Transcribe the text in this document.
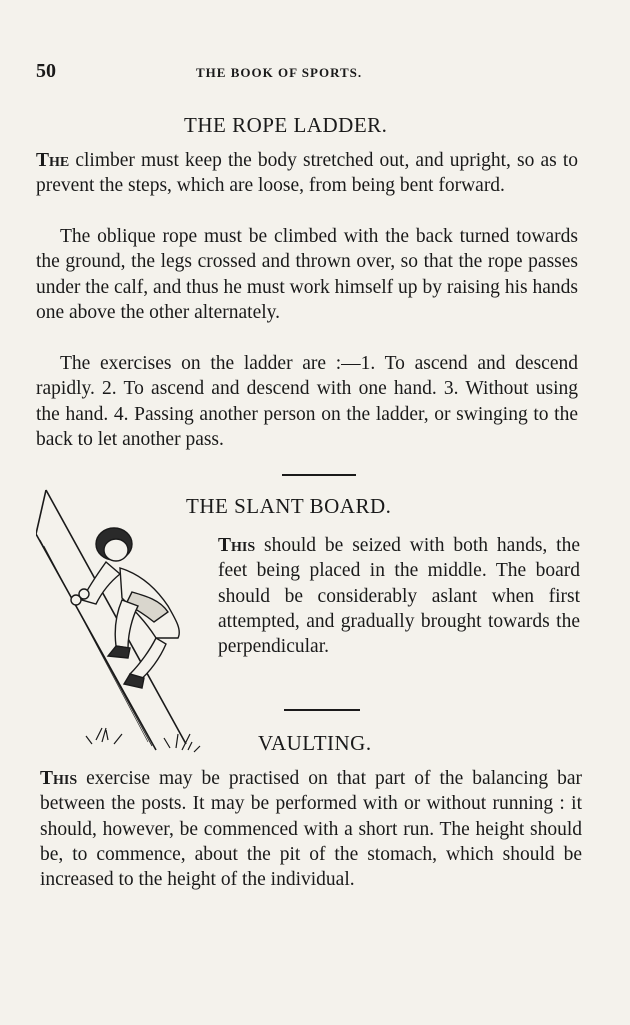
50	THE BOOK OF SPORTS.
THE ROPE LADDER.

The climber must keep the body stretched out, and upright, so as to prevent the steps, which are loose, from being bent forward.

The oblique rope must be climbed with the back turned towards the ground, the legs crossed and thrown over, so that the rope passes under the calf, and thus he must work himself up by raising his hands one above the other alternately.

The exercises on the ladder are :—1. To ascend and descend rapidly. 2. To ascend and descend with one hand. 3. Without using the hand. 4. Passing another person on the ladder, or swinging to the back to let another pass.

THE SLANT BOARD.

This should be seized with both hands, the feet being placed in the middle. The board should be considerably aslant when first attempted, and gradually brought towards the perpendicular.

VAULTING.

This exercise may be practised on that part of the balancing bar between the posts. It may be performed with or without running : it should, however, be commenced with a short run. The height should be, to commence, about the pit of the stomach, which should be increased to the height of the individual.
